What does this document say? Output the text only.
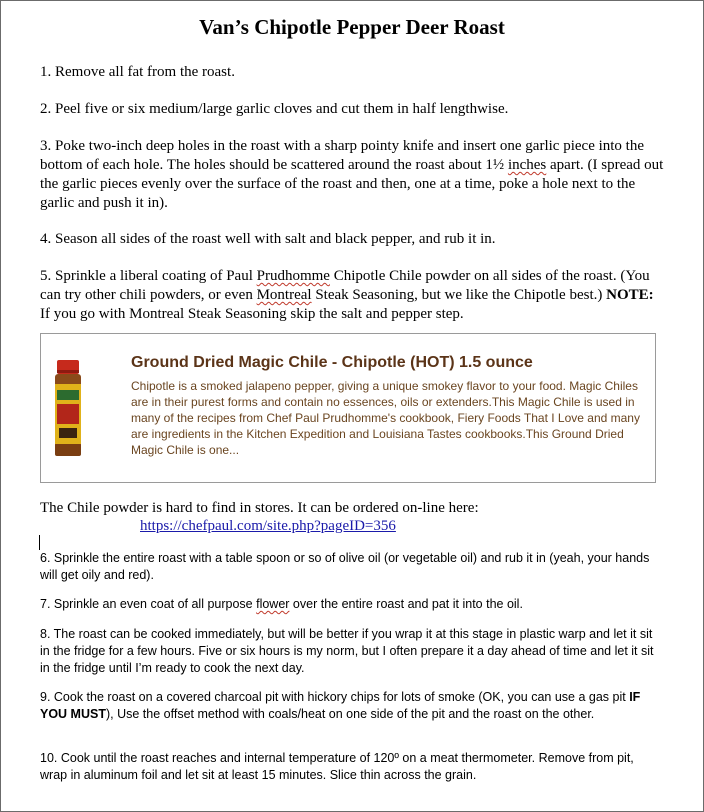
Van’s Chipotle Pepper Deer Roast

1. Remove all fat from the roast.

2. Peel five or six medium/large garlic cloves and cut them in half lengthwise.

3. Poke two-inch deep holes in the roast with a sharp pointy knife and insert one garlic piece into the bottom of each hole. The holes should be scattered around the roast about 1½ inches apart. (I spread out the garlic pieces evenly over the surface of the roast and then, one at a time, poke a hole next to the garlic and push it in).

4. Season all sides of the roast well with salt and black pepper, and rub it in.

5. Sprinkle a liberal coating of Paul Prudhomme Chipotle Chile powder on all sides of the roast. (You can try other chili powders, or even Montreal Steak Seasoning, but we like the Chipotle best.) NOTE: If you go with Montreal Steak Seasoning skip the salt and pepper step.

Ground Dried Magic Chile - Chipotle (HOT) 1.5 ounce

Chipotle is a smoked jalapeno pepper, giving a unique smokey flavor to your food. Magic Chiles are in their purest forms and contain no essences, oils or extenders.This Magic Chile is used in many of the recipes from Chef Paul Prudhomme's cookbook, Fiery Foods That I Love and many are ingredients in the Kitchen Expedition and Louisiana Tastes cookbooks.This Ground Dried Magic Chile is one...

The Chile powder is hard to find in stores. It can be ordered on-line here:

https://chefpaul.com/site.php?pageID=356

6. Sprinkle the entire roast with a table spoon or so of olive oil (or vegetable oil) and rub it in (yeah, your hands will get oily and red).

7. Sprinkle an even coat of all purpose flower over the entire roast and pat it into the oil.

8. The roast can be cooked immediately, but will be better if you wrap it at this stage in plastic warp and let it sit in the fridge for a few hours. Five or six hours is my norm, but I often prepare it a day ahead of time and let it sit in the fridge until I’m ready to cook the next day.

9. Cook the roast on a covered charcoal pit with hickory chips for lots of smoke (OK, you can use a gas pit IF YOU MUST), Use the offset method with coals/heat on one side of the pit and the roast on the other.

10. Cook until the roast reaches and internal temperature of 120º on a meat thermometer. Remove from pit, wrap in aluminum foil and let sit at least 15 minutes. Slice thin across the grain.
